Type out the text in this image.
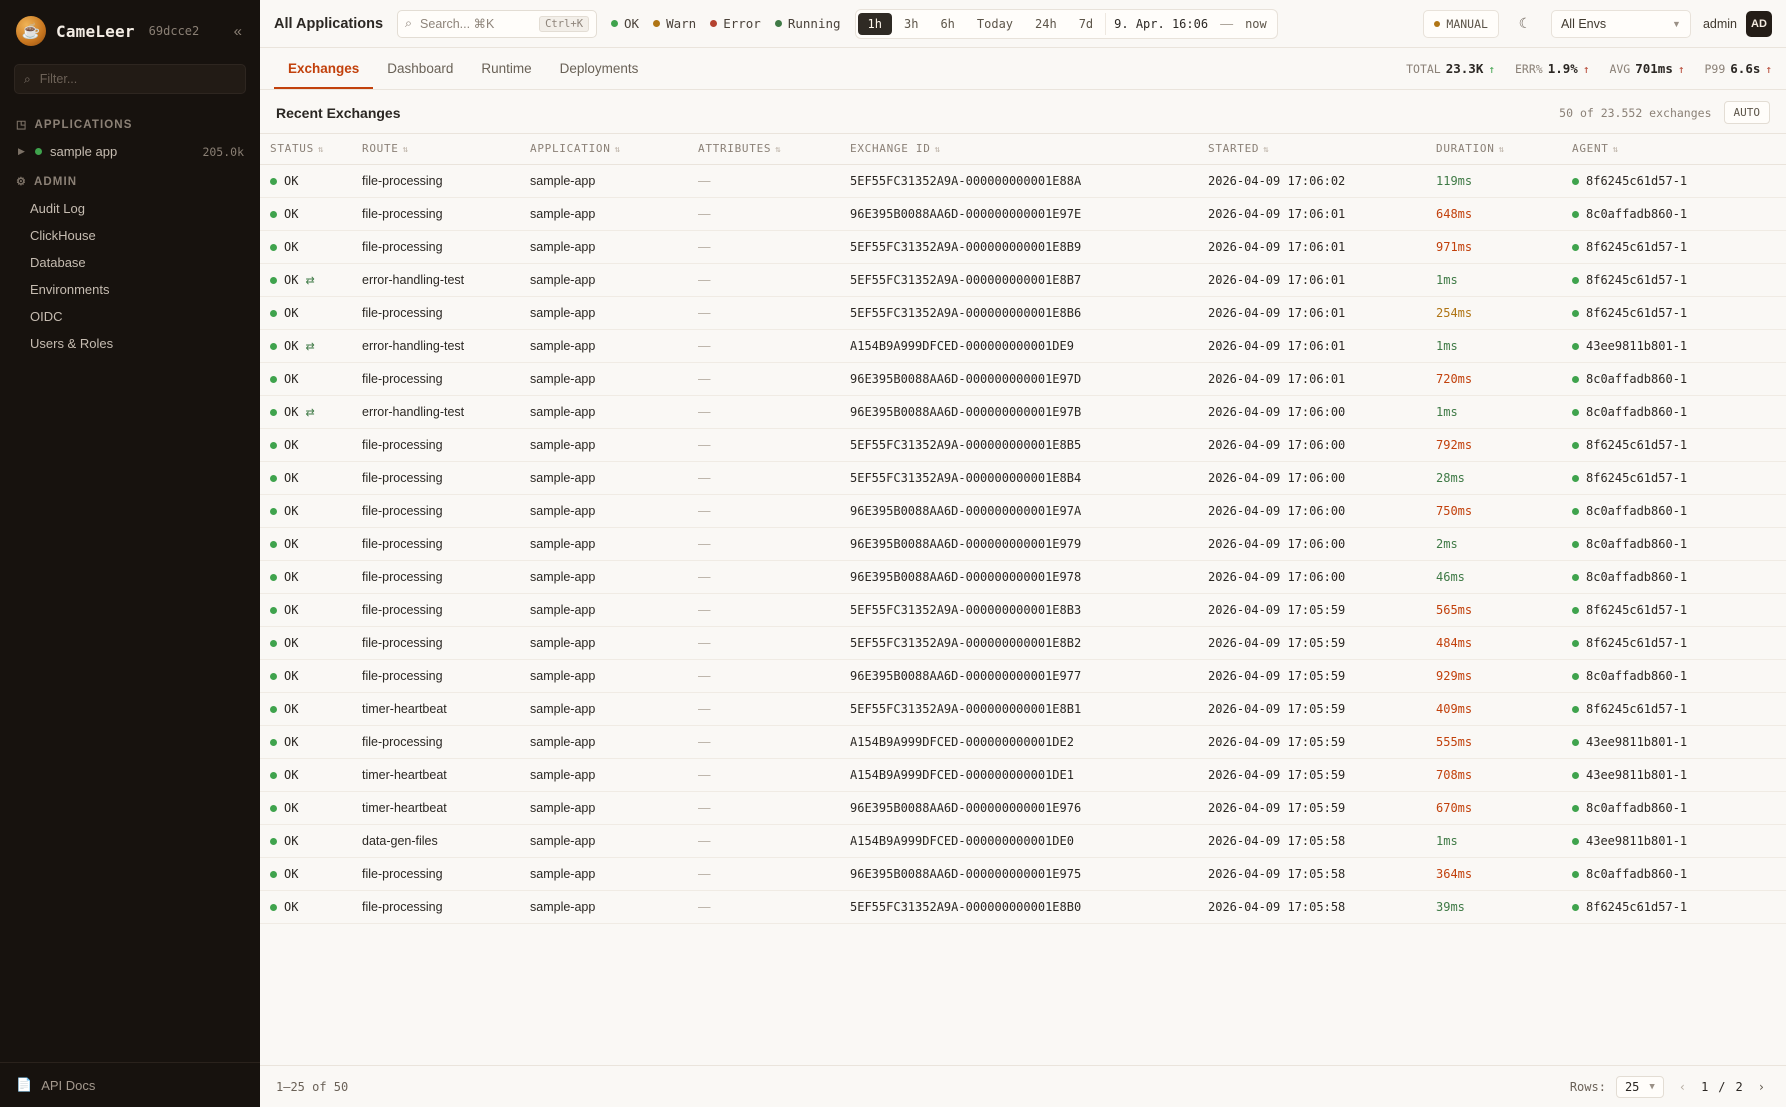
☕ CameLeer 69dcce2 «
⌕
Filter...
◳ APPLICATIONS
▶ sample app	205.0k
⚙ ADMIN
Audit Log
ClickHouse
Database
Environments
OIDC
Users & Roles
📄 API Docs
All Applications ⌕ Search... ⌘K	Ctrl+K	OK Warn Error Running	1h	3h	6h	Today	24h	7d	9. Apr. 16:06 —	now	MANUAL	☾	All Envs	▼ admin	AD
Exchanges	Dashboard	Runtime	Deployments	TOTAL 23.3K ↑ ERR% 1.9% ↑ AVG 701ms ↑ P99 6.6s ↑
Recent Exchanges	50 of 23.552 exchanges	AUTO
STATUS ⇅	ROUTE ⇅	APPLICATION ⇅	ATTRIBUTES ⇅	EXCHANGE ID ⇅	STARTED ⇅	DURATION ⇅	AGENT ⇅

OK	file-processing	sample-app	—	5EF55FC31352A9A-000000000001E88A	2026-04-09 17:06:02	119ms	8f6245c61d57-1

OK	file-processing	sample-app	—	96E395B0088AA6D-000000000001E97E	2026-04-09 17:06:01	648ms	8c0affadb860-1

OK	file-processing	sample-app	—	5EF55FC31352A9A-000000000001E8B9	2026-04-09 17:06:01	971ms	8f6245c61d57-1

OK ⇄	error-handling-test	sample-app	—	5EF55FC31352A9A-000000000001E8B7	2026-04-09 17:06:01	1ms	8f6245c61d57-1

OK	file-processing	sample-app	—	5EF55FC31352A9A-000000000001E8B6	2026-04-09 17:06:01	254ms	8f6245c61d57-1

OK ⇄	error-handling-test	sample-app	—	A154B9A999DFCED-000000000001DE9	2026-04-09 17:06:01	1ms	43ee9811b801-1

OK	file-processing	sample-app	—	96E395B0088AA6D-000000000001E97D	2026-04-09 17:06:01	720ms	8c0affadb860-1

OK ⇄	error-handling-test	sample-app	—	96E395B0088AA6D-000000000001E97B	2026-04-09 17:06:00	1ms	8c0affadb860-1

OK	file-processing	sample-app	—	5EF55FC31352A9A-000000000001E8B5	2026-04-09 17:06:00	792ms	8f6245c61d57-1

OK	file-processing	sample-app	—	5EF55FC31352A9A-000000000001E8B4	2026-04-09 17:06:00	28ms	8f6245c61d57-1

OK	file-processing	sample-app	—	96E395B0088AA6D-000000000001E97A	2026-04-09 17:06:00	750ms	8c0affadb860-1

OK	file-processing	sample-app	—	96E395B0088AA6D-000000000001E979	2026-04-09 17:06:00	2ms	8c0affadb860-1

OK	file-processing	sample-app	—	96E395B0088AA6D-000000000001E978	2026-04-09 17:06:00	46ms	8c0affadb860-1

OK	file-processing	sample-app	—	5EF55FC31352A9A-000000000001E8B3	2026-04-09 17:05:59	565ms	8f6245c61d57-1

OK	file-processing	sample-app	—	5EF55FC31352A9A-000000000001E8B2	2026-04-09 17:05:59	484ms	8f6245c61d57-1

OK	file-processing	sample-app	—	96E395B0088AA6D-000000000001E977	2026-04-09 17:05:59	929ms	8c0affadb860-1

OK	timer-heartbeat	sample-app	—	5EF55FC31352A9A-000000000001E8B1	2026-04-09 17:05:59	409ms	8f6245c61d57-1

OK	file-processing	sample-app	—	A154B9A999DFCED-000000000001DE2	2026-04-09 17:05:59	555ms	43ee9811b801-1

OK	timer-heartbeat	sample-app	—	A154B9A999DFCED-000000000001DE1	2026-04-09 17:05:59	708ms	43ee9811b801-1

OK	timer-heartbeat	sample-app	—	96E395B0088AA6D-000000000001E976	2026-04-09 17:05:59	670ms	8c0affadb860-1

OK	data-gen-files	sample-app	—	A154B9A999DFCED-000000000001DE0	2026-04-09 17:05:58	1ms	43ee9811b801-1

OK	file-processing	sample-app	—	96E395B0088AA6D-000000000001E975	2026-04-09 17:05:58	364ms	8c0affadb860-1

OK	file-processing	sample-app	—	5EF55FC31352A9A-000000000001E8B0	2026-04-09 17:05:58	39ms	8f6245c61d57-1
1–25 of 50	Rows: 25 ▼	‹	1 / 2	›
